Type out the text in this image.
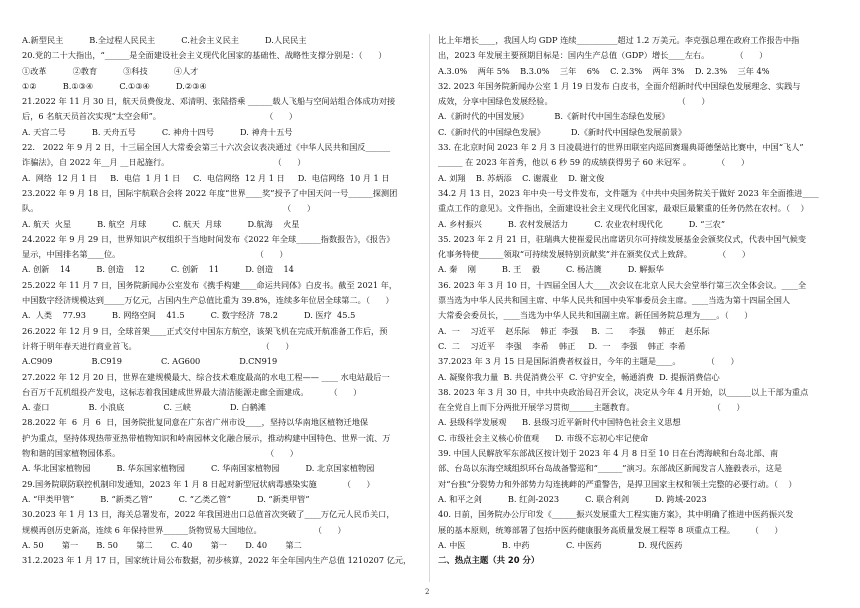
A.新型民主          B.全过程人民民主          C.社会主义民主          D.人民民主
20.党的二十大指出，“______是全面建设社会主义现代化国家的基础性、战略性支撑分别是：（      ）
①改革          ②教育          ③科技          ④人才
①②          B.①③④          C.①③④          D.②③④
21.2022 年 11 月 30 日，航天员费俊龙、邓清明、张陆搭乘 ______载人飞船与空间站组合体成功对接
后，6 名航天员首次实现“太空会师”。                                        （      ）
A. 天宫二号          B. 天舟五号          C. 神舟十四号          D. 神舟十五号
22.   2022 年 9 月 2 日，十三届全国人大常委会第三十六次会议表决通过《中华人民共和国反______
诈骗法》，自 2022 年__月 __日起施行。                                        （      ）
A.  网络  12 月 1 日     B.  电信  1 月 1 日     C.  电信网络  12 月 1 日     D.  电信网络  10 月 1 日
23.2022 年 9 月 18 日，国际宇航联合会将 2022 年度“世界____奖”授予了中国天问一号______探测团
队。                                                                                              （      ）
A. 航天  火星          B. 航空  月球          C. 航天  月球          D.航海    火星
24.2022 年 9 月 29 日，世界知识产权组织于当地时间发布《2022 年全球______指数报告》，《报告》
显示，中国排名第____位。                                                    （      ）
A. 创新    14          B. 创造    12          C. 创新    11          D. 创造    14
25.2022 年 11 月 7 日，国务院新闻办公室发布《携手构建____命运共同体》白皮书。截至 2021 年，
中国数字经济规模达到_____万亿元，占国内生产总值比重为 39.8%，连续多年位居全球第二。（      ）
A.  人类    77.93          B. 网络空间    41.5          C. 数字经济  78.2          D. 医疗  45.5
26.2022 年 12 月 9 日，全球首架____正式交付中国东方航空，该架飞机在完成开航准备工作后，预
计将于明年春天进行商业首飞。                                                （      ）
A.C909               B.C919               C. AG600               D.CN919
27.2022 年 12 月 20 日，世界在建规模最大、综合技术难度最高的水电工程—— ____ 水电站最后一
台百万千瓦机组投产发电，这标志着我国建成世界最大清洁能源走廊全面建成。        （      ）
A. 壶口               B. 小浪底               C. 三峡               D. 白鹤滩
28.2022 年  6  月  6  日，国务院批复同意在广东省广州市设____，坚持以华南地区植物迁地保
护为重点，坚持体现热带亚热带植物知识和岭南园林文化融合展示，推动构建中国特色、世界一流、万
物和谐的国家植物园体系。                                                        （      ）
A. 华北国家植物园          B. 华东国家植物园          C. 华南国家植物园          D. 北京国家植物园
29.国务院联防联控机制印发通知，2023 年 1 月 8 日起对新型冠状病毒感染实施          （      ）
A. “甲类甲管”          B. “新类乙管”          C. “乙类乙管”          D. “新类甲管”
30.2023 年 1 月 13 日，海关总署发布，2022 年我国进出口总值首次突破了____万亿元人民币关口，
规模再创历史新高，连续 6 年保持世界______货物贸易大国地位。                    （      ）
A. 50       第一       B. 50       第二       C. 40       第一       D. 40       第二
31.2.2023 年 1 月 17 日，国家统计局公布数据，初步核算，2022 年全年国内生产总值 1210207 亿元，
比上年增长____，我国人均 GDP 连续__________超过 1.2 万美元。李克强总理在政府工作报告中指
出，2023 年发展主要预期目标是：国内生产总值（GDP）增长____左右。          （      ）
A.3.0%    两年 5%    B.3.0%    三年    6%    C. 2.3%    两年 3%    D. 2.3%    三年 4%
32. 2023 年国务院新闻办公室 1 月 19 日发布 白皮书，全面介绍新时代中国绿色发展理念、实践与
成效，分享中国绿色发展经验。                                                （      ）
A.《新时代的中国发展》          B.《新时代中国生态绿色发展》
C.《新时代的中国绿色发展》          D.《新时代中国绿色发展前景》
33. 在北京时间 2023 年 2 月 3 日凌晨进行的世界田联室内巡回赛瑞典哥德堡站比赛中，中国“飞人”
______ 在 2023 年首秀，他以 6 秒 59 的成绩获得男子 60 米冠军 。          （      ）
A. 刘翔    B. 苏炳添    C. 谢震业    D. 谢文俊
34.2 月 13 日，2023 年中央一号文件发布，文件题为《中共中央国务院关于做好 2023 年全面推进____
重点工作的意见》。文件指出，全面建设社会主义现代化国家，最艰巨最繁重的任务仍然在农村。（    ）
A. 乡村振兴          B. 农村发展活力          C. 农业农村现代化          D. “三农”
35. 2023 年 2 月 21 日，驻瑞典大使崔爱民出席诺贝尔可持续发展基金会颁奖仪式，代表中国气候变
化事务特使______领取“可持续发展特别贡献奖”并在颁奖仪式上致辞。          （      ）
A. 秦    刚          B. 王    毅          C. 杨洁篪          D. 解振华
36. 2023 年 3 月 10 日，十四届全国人大____次会议在北京人民大会堂举行第三次全体会议。____全
票当选为中华人民共和国主席、中华人民共和国中央军事委员会主席。____当选为第十四届全国人
大常委会委员长，____当选为中华人民共和国副主席。新任国务院总理为____。（      ）
A.  一    习近平    赵乐际    韩正  李强     B.  二      李强     韩正    赵乐际
C.  二    习近平    李强    李希    韩正     D.  一    李强    韩正  李希
37.2023 年 3 月 15 日是国际消费者权益日，今年的主题是____。          （      ）
A. 凝聚你我力量  B. 共促消费公平  C. 守护安全，畅通消费  D. 提振消费信心
38. 2023 年 3 月 30 日，中共中央政治局召开会议，决定从今年 4 月开始，以______以上干部为重点
在全党自上而下分两批开展学习贯彻______主题教育。                              （      ）
A. 县级科学发展观      B. 县级习近平新时代中国特色社会主义思想
C. 市级社会主义核心价值观      D. 市级不忘初心牢记使命
39. 中国人民解放军东部战区按计划于 2023 年 4 月 8 日至 10 日在台湾海峡和台岛北部、南
部、台岛以东海空域组织环台岛战备警巡和“______”演习。东部战区新闻发言人施毅表示，这是
对“台独”分裂势力和外部势力勾连挑衅的严重警告，是捍卫国家主权和领土完整的必要行动。（    ）
A. 和平之剑          B. 红剑-2023          C. 联合利剑          D. 跨域-2023
40. 日前，国务院办公厅印发《______振兴发展重大工程实施方案》，其中明确了推进中医药振兴发
展的基本原则，统筹部署了包括中医药健康服务高质量发展工程等 8 项重点工程。      （      ）
A. 中医              B. 中药              C. 中医药              D. 现代医药
二、热点主题（共 20 分）
2
